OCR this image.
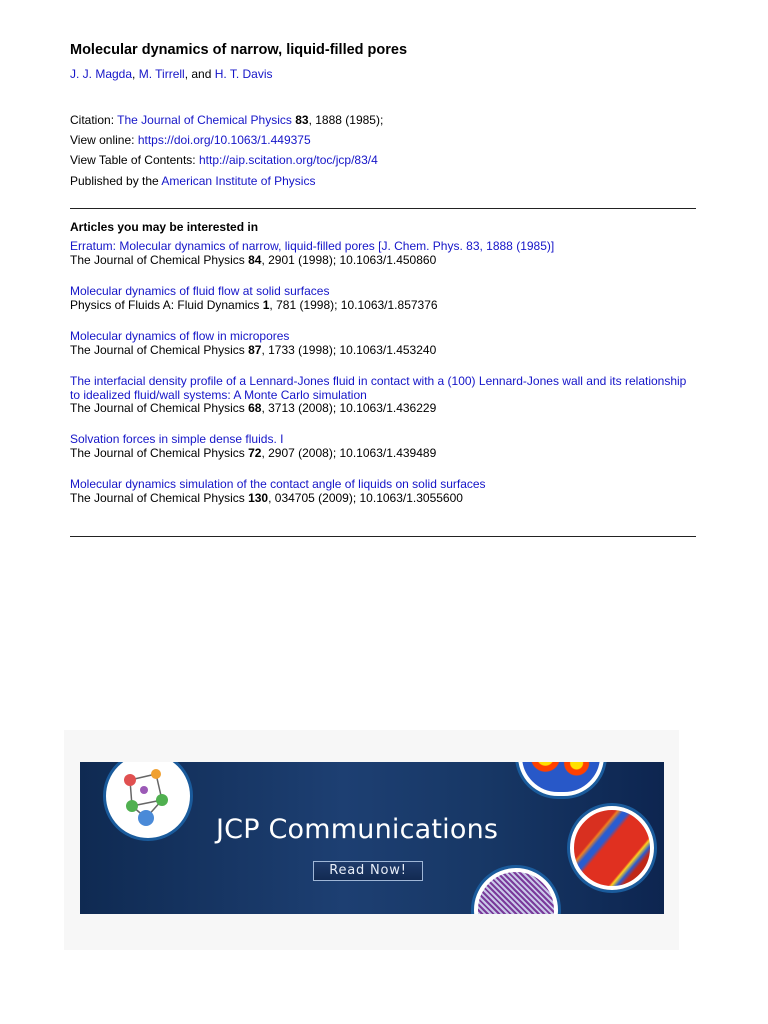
Molecular dynamics of narrow, liquid-filled pores
J. J. Magda, M. Tirrell, and H. T. Davis
Citation: The Journal of Chemical Physics 83, 1888 (1985);
View online: https://doi.org/10.1063/1.449375
View Table of Contents: http://aip.scitation.org/toc/jcp/83/4
Published by the American Institute of Physics
Articles you may be interested in
Erratum: Molecular dynamics of narrow, liquid-filled pores [J. Chem. Phys. 83, 1888 (1985)]
The Journal of Chemical Physics 84, 2901 (1998); 10.1063/1.450860
Molecular dynamics of fluid flow at solid surfaces
Physics of Fluids A: Fluid Dynamics 1, 781 (1998); 10.1063/1.857376
Molecular dynamics of flow in micropores
The Journal of Chemical Physics 87, 1733 (1998); 10.1063/1.453240
The interfacial density profile of a Lennard-Jones fluid in contact with a (100) Lennard-Jones wall and its relationship to idealized fluid/wall systems: A Monte Carlo simulation
The Journal of Chemical Physics 68, 3713 (2008); 10.1063/1.436229
Solvation forces in simple dense fluids. I
The Journal of Chemical Physics 72, 2907 (2008); 10.1063/1.439489
Molecular dynamics simulation of the contact angle of liquids on solid surfaces
The Journal of Chemical Physics 130, 034705 (2009); 10.1063/1.3055600
JCP Communications
Read Now!
